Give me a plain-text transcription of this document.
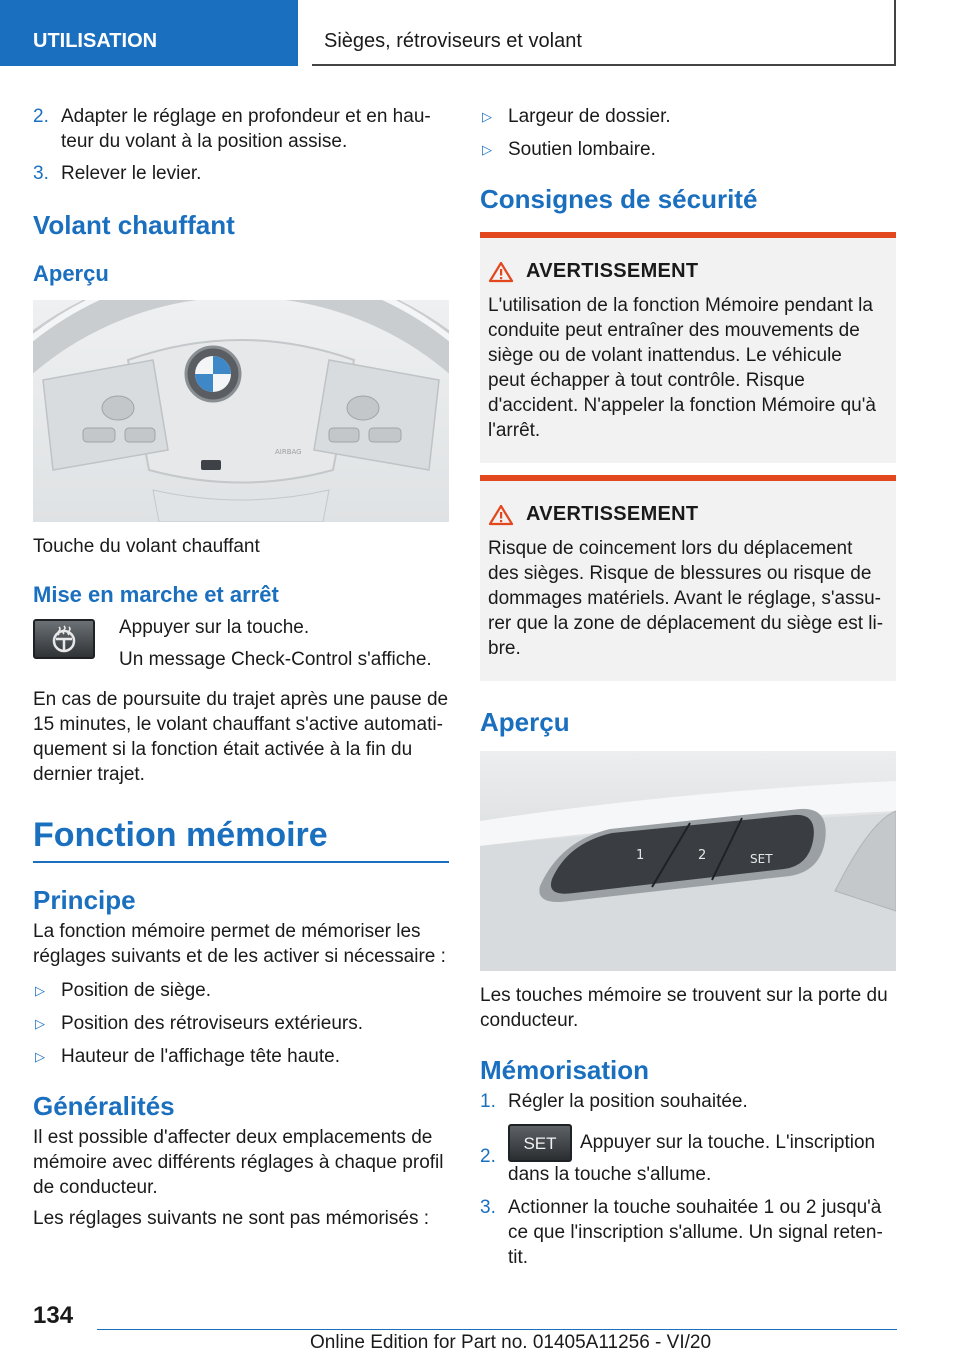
UTILISATION	Sièges, rétroviseurs et volant
2. Adapter le réglage en profondeur et en hau-teur du volant à la position assise.
3. Relever le levier.
Volant chauffant
Aperçu
AIRBAG

Touche du volant chauffant

Mise en marche et arrêt

Appuyer sur la touche.

Un message Check-Control s'affiche.

En cas de poursuite du trajet après une pause de 15 minutes, le volant chauffant s'active automati-quement si la fonction était activée à la fin du dernier trajet.

Fonction mémoire
Principe

La fonction mémoire permet de mémoriser les réglages suivants et de les activer si nécessaire :

▷ Position de siège.
▷ Position des rétroviseurs extérieurs.
▷ Hauteur de l'affichage tête haute.
Généralités

Il est possible d'affecter deux emplacements de mémoire avec différents réglages à chaque profil de conducteur.

Les réglages suivants ne sont pas mémorisés :

▷ Largeur de dossier.
▷ Soutien lombaire.
Consignes de sécurité
AVERTISSEMENT

L'utilisation de la fonction Mémoire pendant la conduite peut entraîner des mouvements de siège ou de volant inattendus. Le véhicule peut échapper à tout contrôle. Risque d'accident. N'appeler la fonction Mémoire qu'à l'arrêt.

AVERTISSEMENT

Risque de coincement lors du déplacement des sièges. Risque de blessures ou risque de dommages matériels. Avant le réglage, s'assu-rer que la zone de déplacement du siège est li-bre.

Aperçu
1	2	SET

Les touches mémoire se trouvent sur la porte du conducteur.

Mémorisation
1. Régler la position souhaitée.
2.
SET Appuyer sur la touche. L'inscription dans la touche s'allume.
3. Actionner la touche souhaitée 1 ou 2 jusqu'à ce que l'inscription s'allume. Un signal reten-tit.
134
Online Edition for Part no. 01405A11256 - VI/20
